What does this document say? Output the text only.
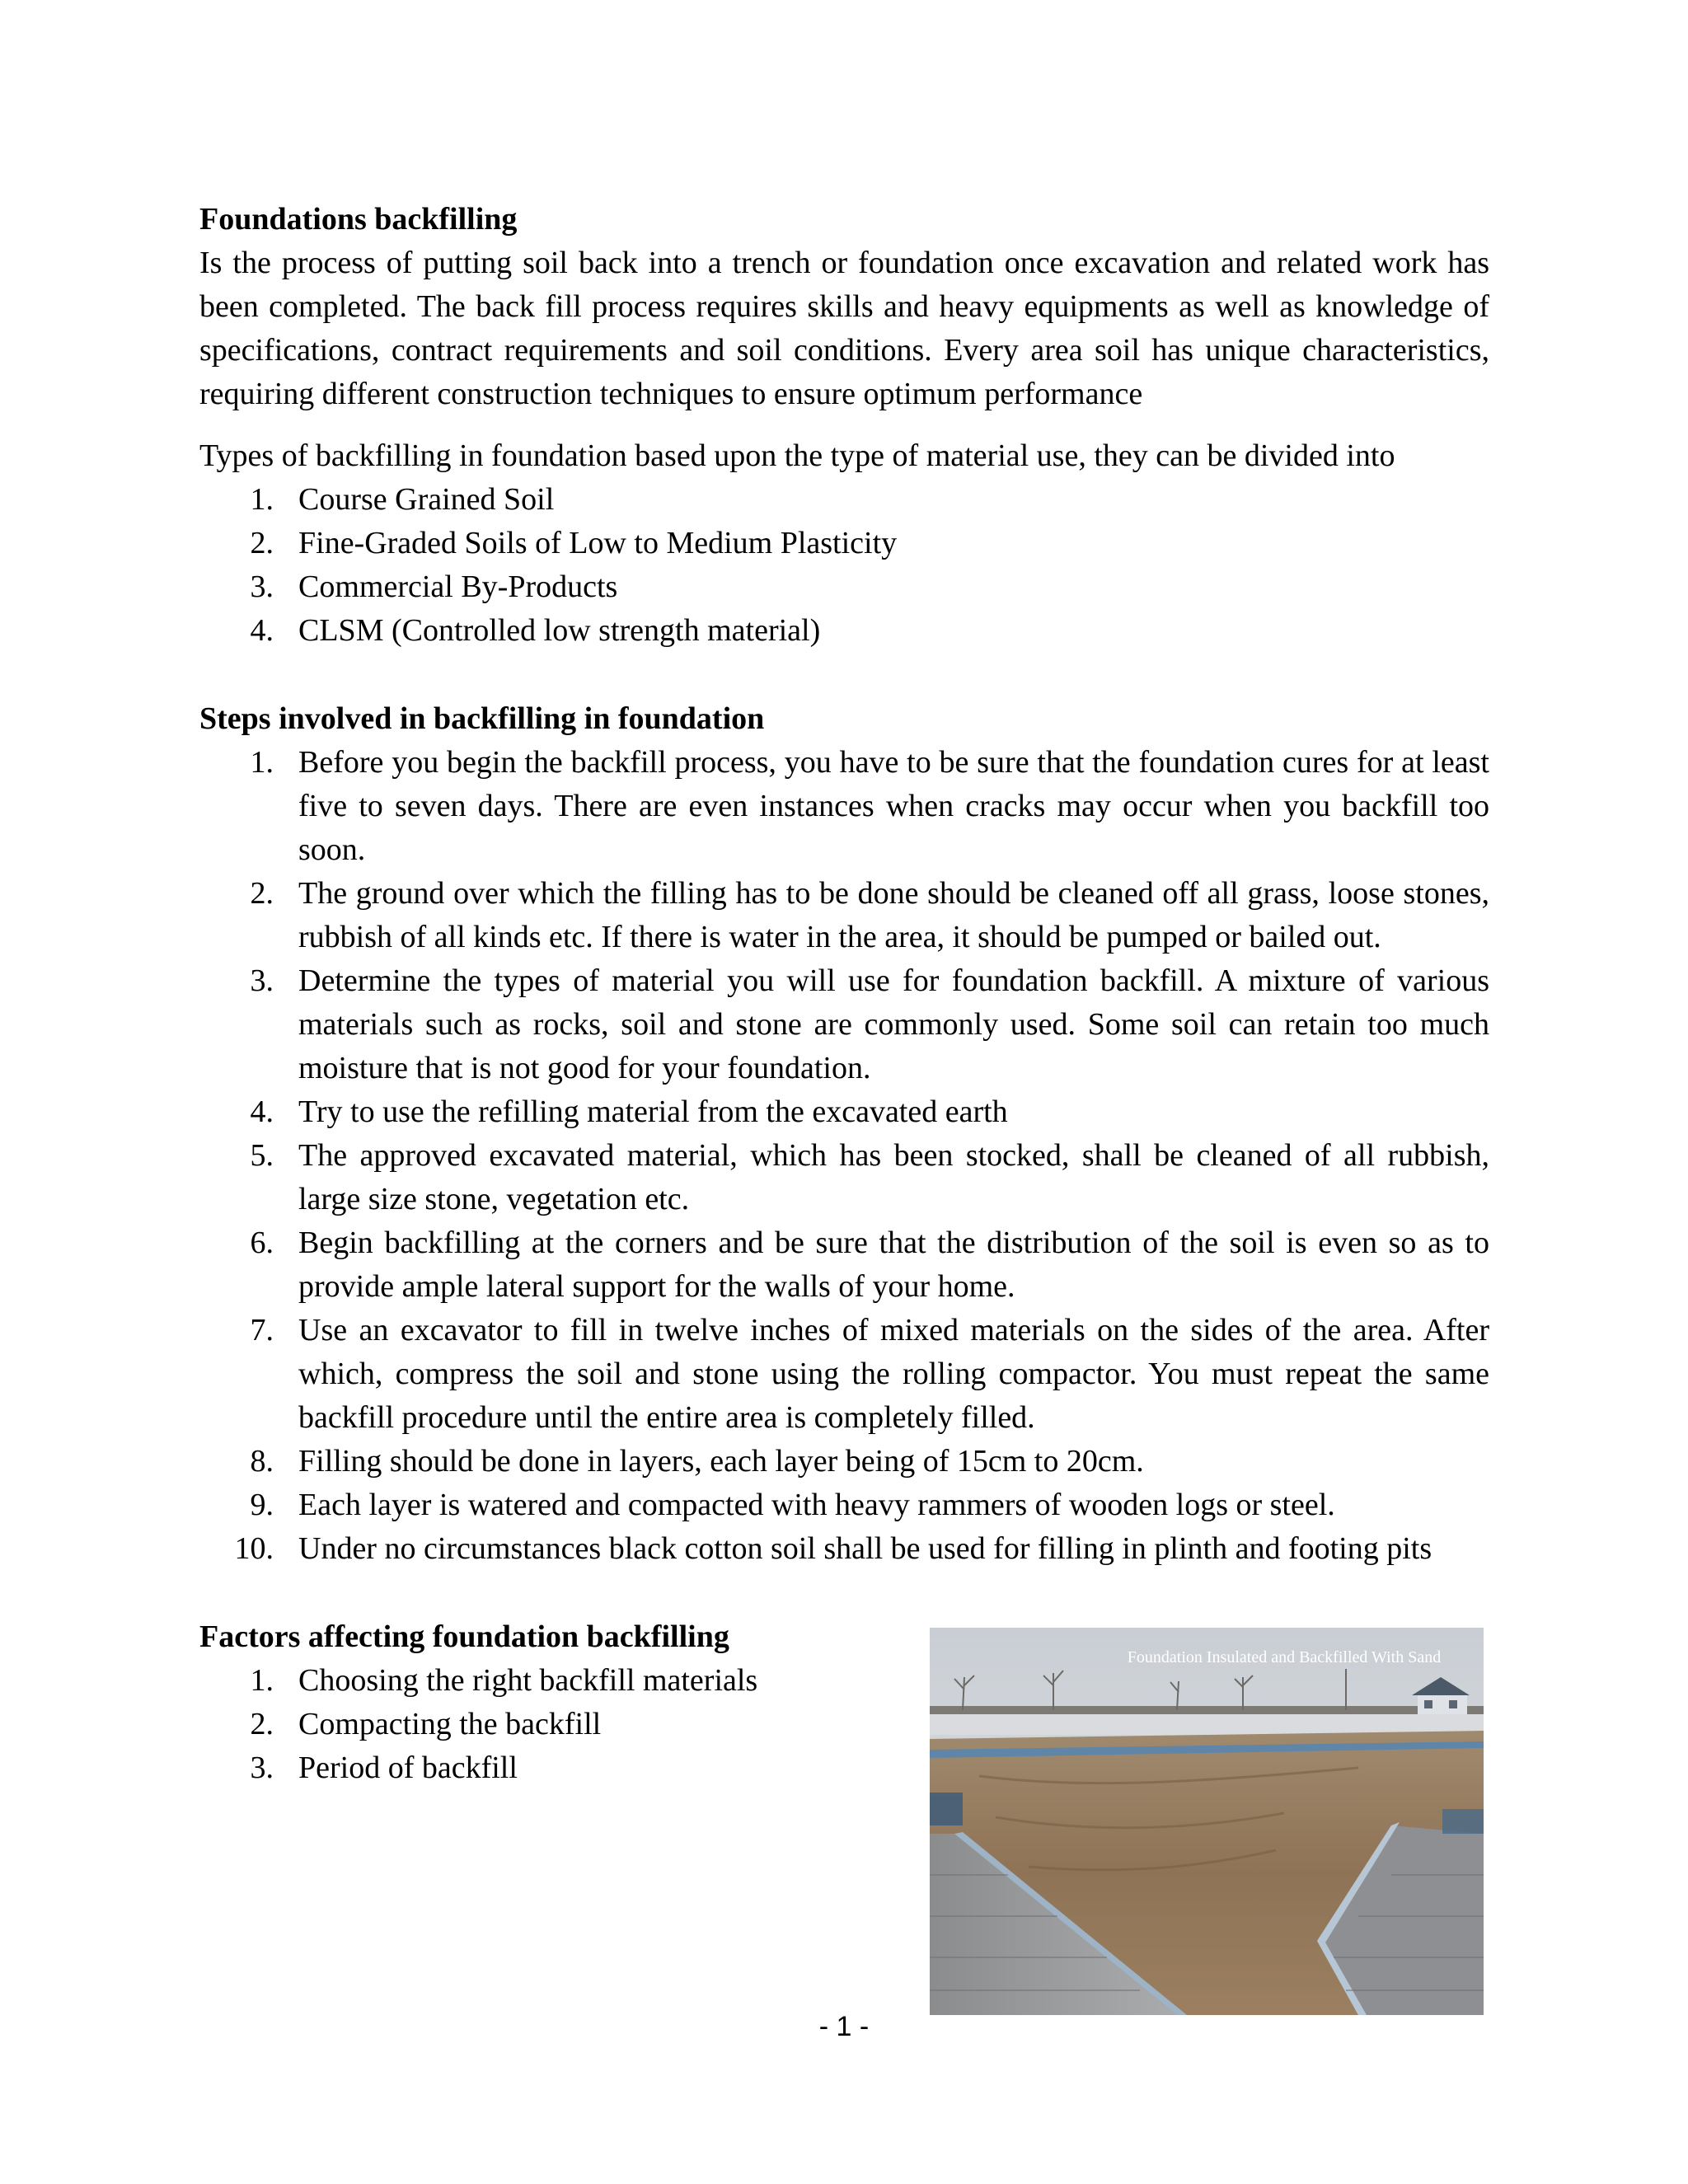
Foundations backfilling

Is the process of putting soil back into a trench or foundation once excavation and related work has been completed. The back fill process requires skills and heavy equipments as well as knowledge of specifications, contract requirements and soil conditions. Every area soil has unique characteristics, requiring different construction techniques to ensure optimum performance

Types of backfilling in foundation based upon the type of material use, they can be divided into

1. Course Grained Soil
2. Fine-Graded Soils of Low to Medium Plasticity
3. Commercial By-Products
4. CLSM (Controlled low strength material)
Steps involved in backfilling in foundation
1. Before you begin the backfill process, you have to be sure that the foundation cures for at least five to seven days. There are even instances when cracks may occur when you backfill too soon.
2. The ground over which the filling has to be done should be cleaned off all grass, loose stones, rubbish of all kinds etc. If there is water in the area, it should be pumped or bailed out.
3. Determine the types of material you will use for foundation backfill. A mixture of various materials such as rocks, soil and stone are commonly used. Some soil can retain too much moisture that is not good for your foundation.
4. Try to use the refilling material from the excavated earth
5. The approved excavated material, which has been stocked, shall be cleaned of all rubbish, large size stone, vegetation etc.
6. Begin backfilling at the corners and be sure that the distribution of the soil is even so as to provide ample lateral support for the walls of your home.
7. Use an excavator to fill in twelve inches of mixed materials on the sides of the area. After which, compress the soil and stone using the rolling compactor. You must repeat the same backfill procedure until the entire area is completely filled.
8. Filling should be done in layers, each layer being of 15cm to 20cm.
9. Each layer is watered and compacted with heavy rammers of wooden logs or steel.
10. Under no circumstances black cotton soil shall be used for filling in plinth and footing pits
Factors affecting foundation backfilling
1. Choosing the right backfill materials
2. Compacting the backfill
3. Period of backfill
Foundation Insulated and Backfilled With Sand
- 1 -
